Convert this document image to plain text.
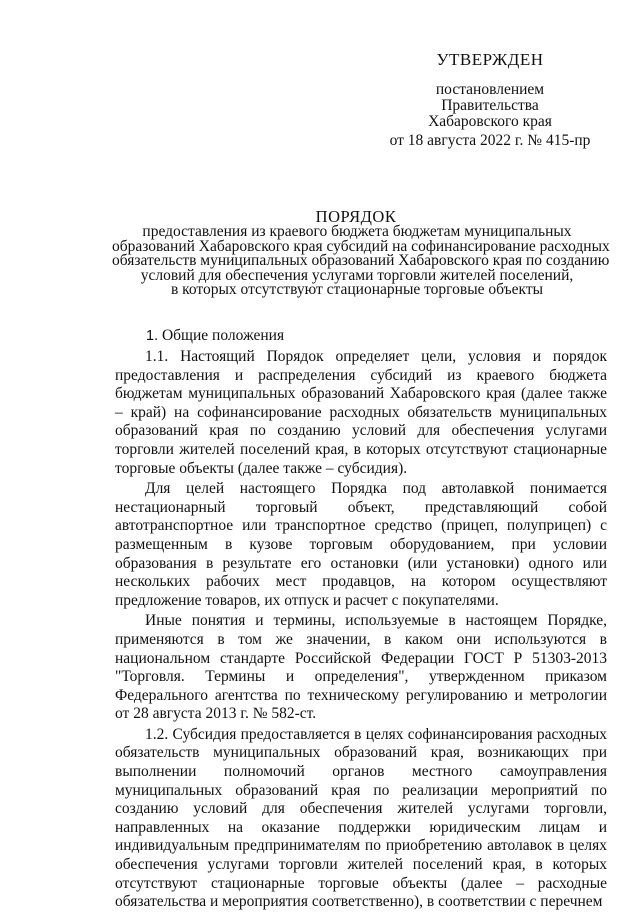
УТВЕРЖДЕН
постановлением
Правительства
Хабаровского края
от 18 августа 2022 г. № 415-пр
ПОРЯДОК
предоставления из краевого бюджета бюджетам муниципальных
образований Хабаровского края субсидий на софинансирование расходных
обязательств муниципальных образований Хабаровского края по созданию
условий для обеспечения услугами торговли жителей поселений,
в которых отсутствуют стационарные торговые объекты
1. Общие положения

1.1. Настоящий Порядок определяет цели, условия и порядок предоставления и распределения субсидий из краевого бюджета бюджетам муниципальных образований Хабаровского края (далее также – край) на софинансирование расходных обязательств муниципальных образований края по созданию условий для обеспечения услугами торговли жителей поселений края, в которых отсутствуют стационарные торговые объекты (далее также – субсидия).

Для целей настоящего Порядка под автолавкой понимается нестационарный торговый объект, представляющий собой автотранспортное или транспортное средство (прицеп, полуприцеп) с размещенным в кузове торговым оборудованием, при условии образования в результате его остановки (или установки) одного или нескольких рабочих мест продавцов, на котором осуществляют предложение товаров, их отпуск и расчет с покупателями.

Иные понятия и термины, используемые в настоящем Порядке, применяются в том же значении, в каком они используются в национальном стандарте Российской Федерации ГОСТ Р 51303-2013 "Торговля. Термины и определения", утвержденном приказом Федерального агентства по техническому регулированию и метрологии от 28 августа 2013 г. № 582-ст.

1.2. Субсидия предоставляется в целях софинансирования расходных обязательств муниципальных образований края, возникающих при выполнении полномочий органов местного самоуправления муниципальных образований края по реализации мероприятий по созданию условий для обеспечения жителей услугами торговли, направленных на оказание поддержки юридическим лицам и индивидуальным предпринимателям по приобретению автолавок в целях обеспечения услугами торговли жителей поселений края, в которых отсутствуют стационарные торговые объекты (далее – расходные обязательства и мероприятия соответственно), в соответствии с перечнем
